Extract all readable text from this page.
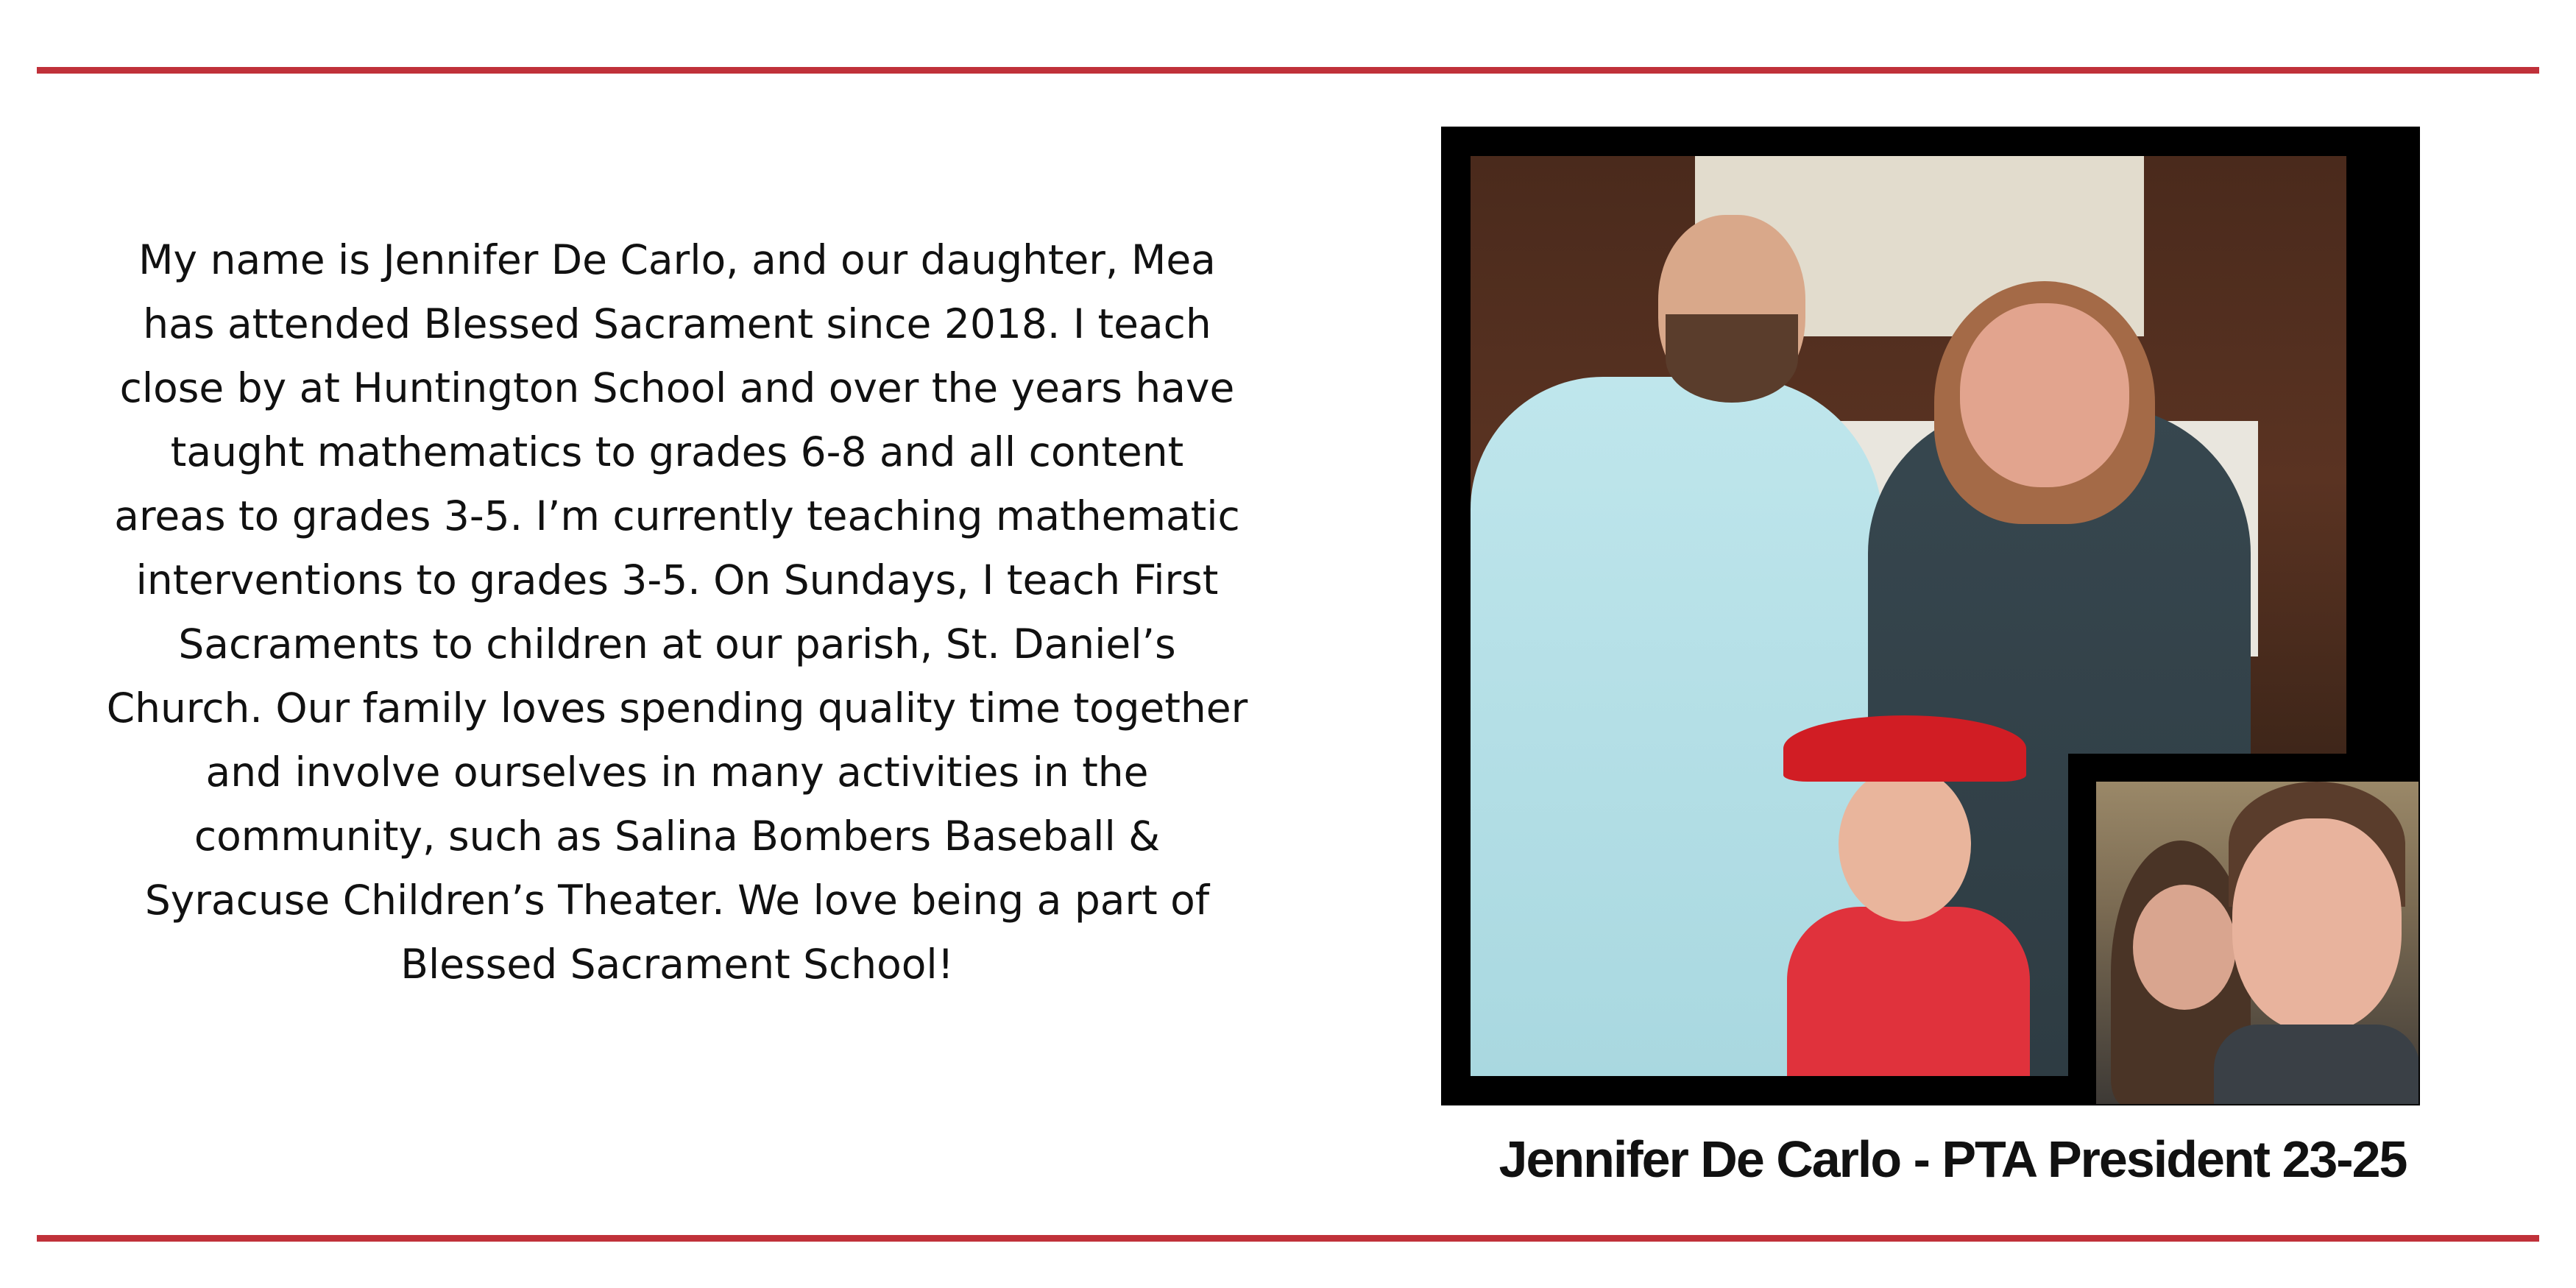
My name is Jennifer De Carlo, and our daughter, Mea
has attended Blessed Sacrament since 2018. I teach
close by at Huntington School and over the years have
taught mathematics to grades 6-8 and all content
areas to grades 3-5. I’m currently teaching mathematic
interventions to grades 3-5. On Sundays, I teach First
Sacraments to children at our parish, St. Daniel’s
Church. Our family loves spending quality time together
and involve ourselves in many activities in the
community, such as Salina Bombers Baseball &
Syracuse Children’s Theater. We love being a part of
Blessed Sacrament School!
Jennifer De Carlo - PTA President 23-25
